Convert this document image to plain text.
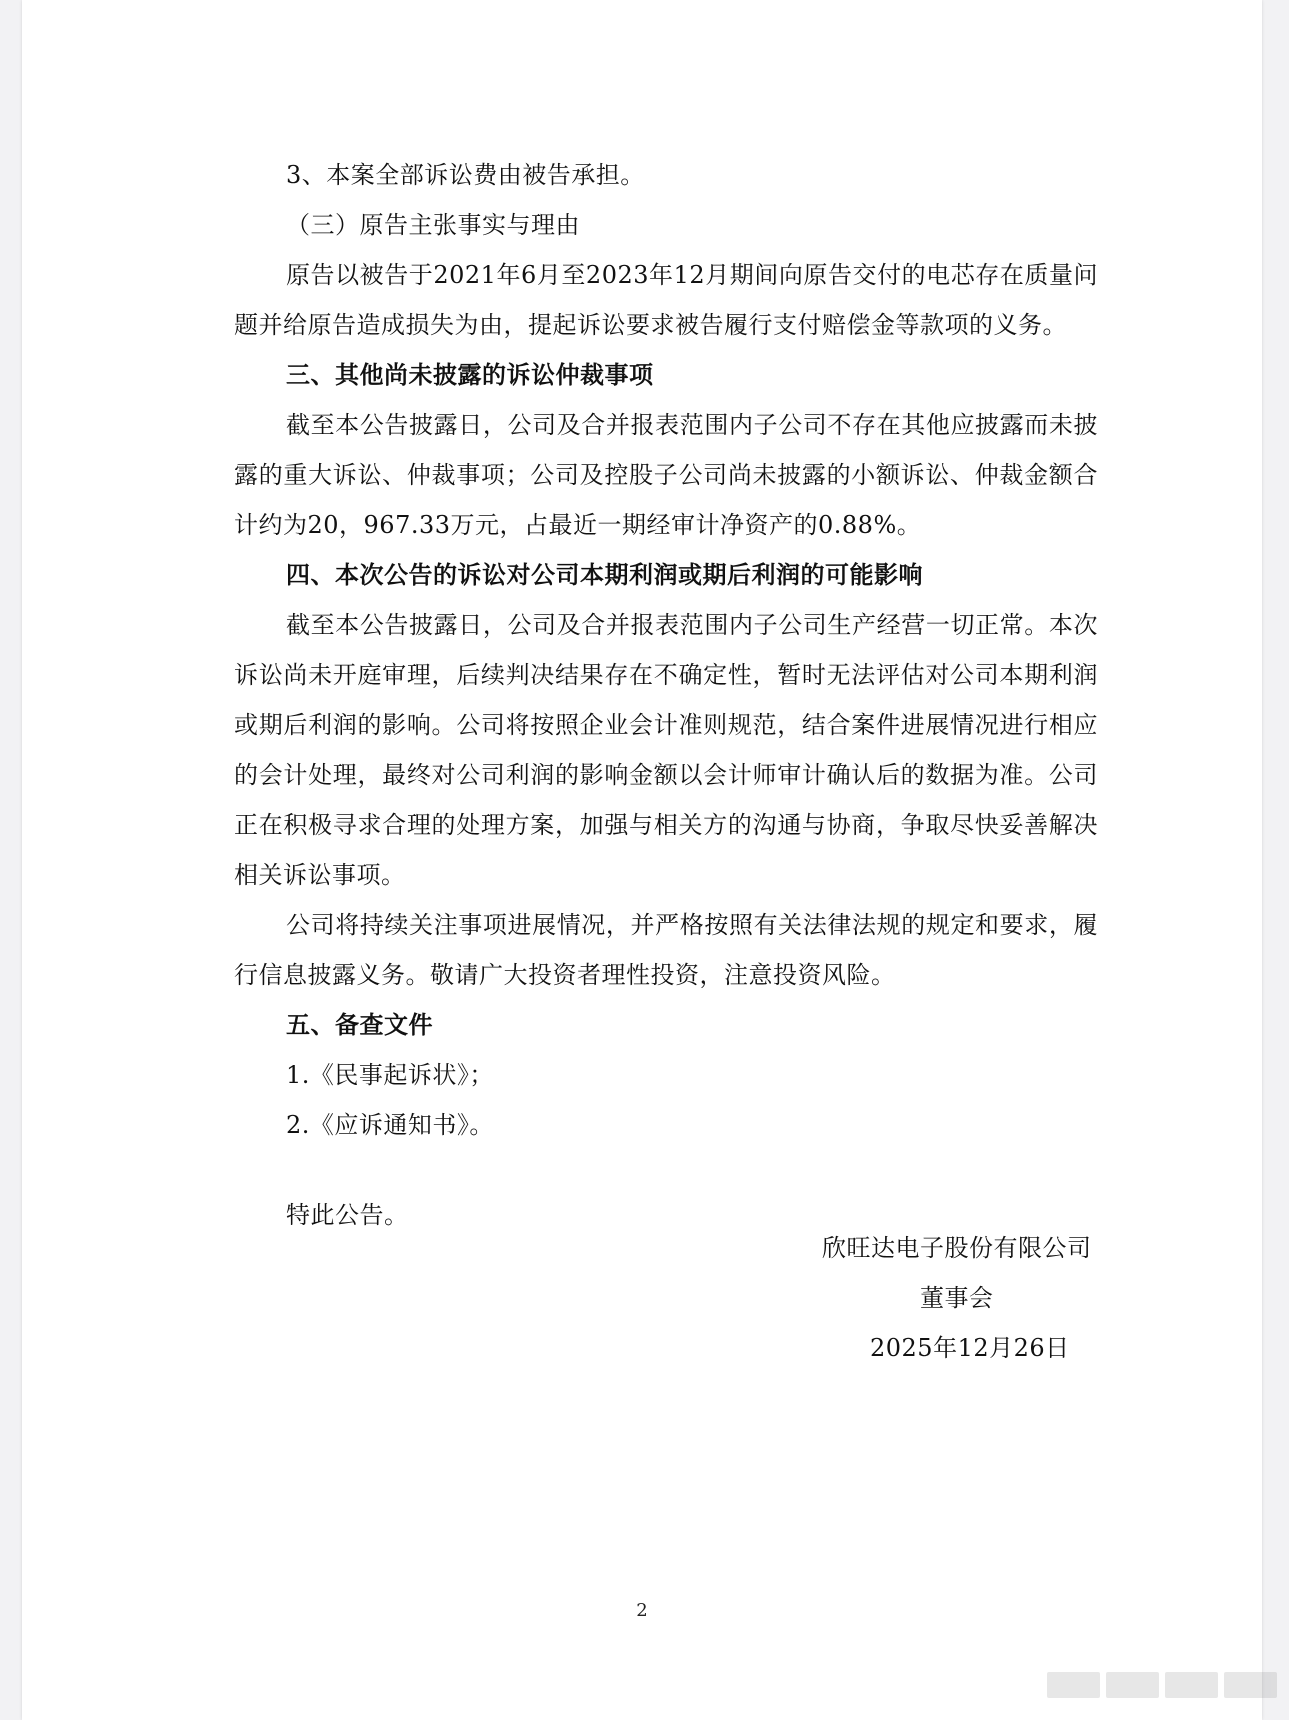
3、本案全部诉讼费由被告承担。

（三）原告主张事实与理由

原告以被告于2021年6月至2023年12月期间向原告交付的电芯存在质量问题并给原告造成损失为由，提起诉讼要求被告履行支付赔偿金等款项的义务。

三、其他尚未披露的诉讼仲裁事项

截至本公告披露日，公司及合并报表范围内子公司不存在其他应披露而未披露的重大诉讼、仲裁事项；公司及控股子公司尚未披露的小额诉讼、仲裁金额合计约为20，967.33万元，占最近一期经审计净资产的0.88%。

四、本次公告的诉讼对公司本期利润或期后利润的可能影响

截至本公告披露日，公司及合并报表范围内子公司生产经营一切正常。本次诉讼尚未开庭审理，后续判决结果存在不确定性，暂时无法评估对公司本期利润或期后利润的影响。公司将按照企业会计准则规范，结合案件进展情况进行相应的会计处理，最终对公司利润的影响金额以会计师审计确认后的数据为准。公司正在积极寻求合理的处理方案，加强与相关方的沟通与协商，争取尽快妥善解决相关诉讼事项。

公司将持续关注事项进展情况，并严格按照有关法律法规的规定和要求，履行信息披露义务。敬请广大投资者理性投资，注意投资风险。

五、备查文件

1.《民事起诉状》；

2.《应诉通知书》。

特此公告。

欣旺达电子股份有限公司
董事会
2025年12月26日
2
